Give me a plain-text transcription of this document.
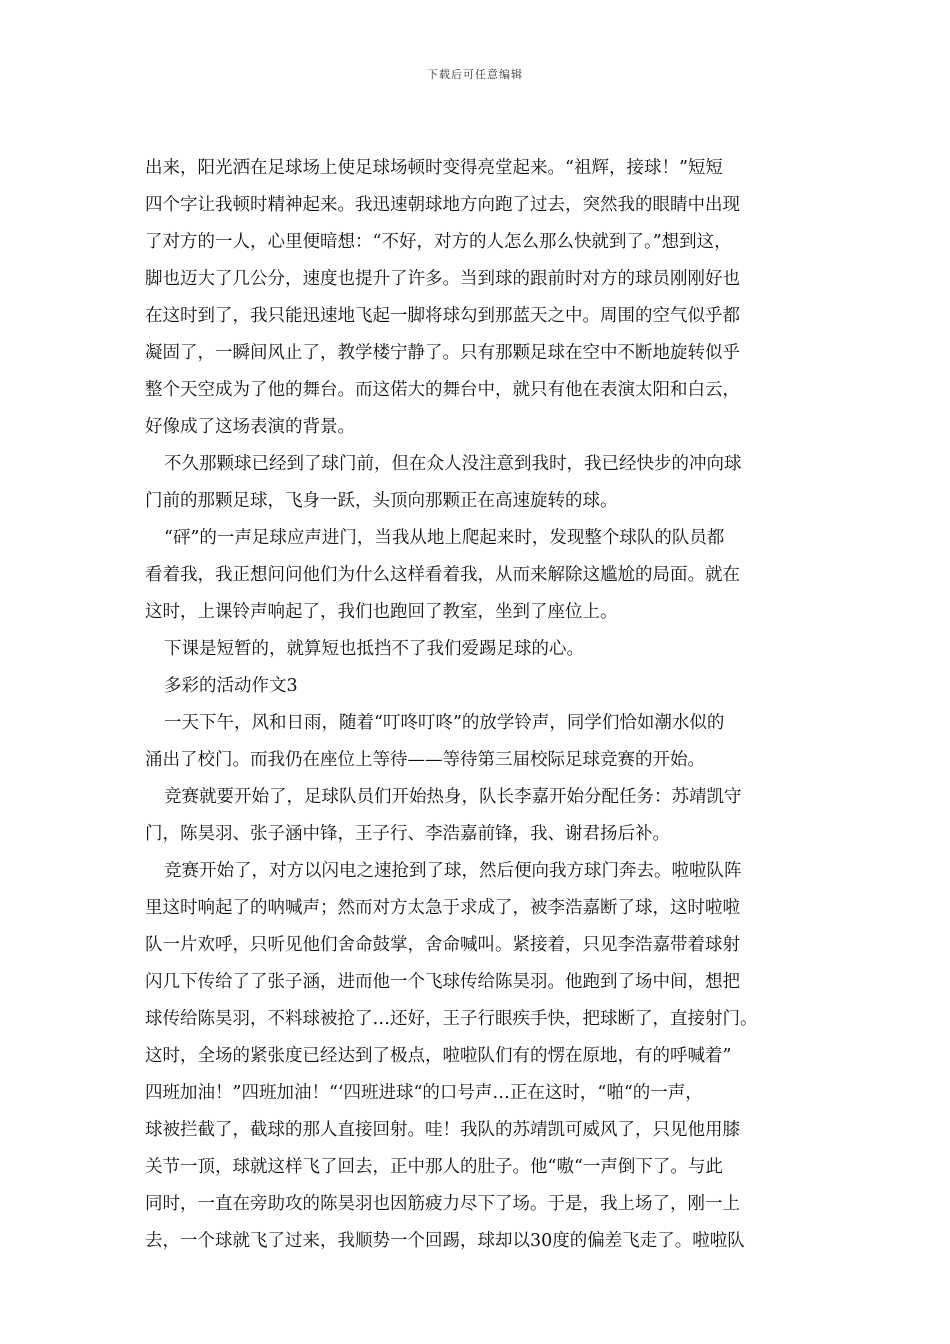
下载后可任意编辑
出来，阳光洒在足球场上使足球场顿时变得亮堂起来。“祖辉，接球！”短短
四个字让我顿时精神起来。我迅速朝球地方向跑了过去，突然我的眼睛中出现
了对方的一人，心里便暗想：“不好，对方的人怎么那么快就到了。”想到这，
脚也迈大了几公分，速度也提升了许多。当到球的跟前时对方的球员刚刚好也
在这时到了，我只能迅速地飞起一脚将球勾到那蓝天之中。周围的空气似乎都
凝固了，一瞬间风止了，教学楼宁静了。只有那颗足球在空中不断地旋转似乎
整个天空成为了他的舞台。而这偌大的舞台中，就只有他在表演太阳和白云，
好像成了这场表演的背景。
不久那颗球已经到了球门前，但在众人没注意到我时，我已经快步的冲向球
门前的那颗足球，飞身一跃，头顶向那颗正在高速旋转的球。
“砰”的一声足球应声进门，当我从地上爬起来时，发现整个球队的队员都
看着我，我正想问问他们为什么这样看着我，从而来解除这尴尬的局面。就在
这时，上课铃声响起了，我们也跑回了教室，坐到了座位上。
下课是短暂的，就算短也抵挡不了我们爱踢足球的心。
多彩的活动作文3
一天下午，风和日雨，随着“叮咚叮咚”的放学铃声，同学们恰如潮水似的
涌出了校门。而我仍在座位上等待——等待第三届校际足球竞赛的开始。
竞赛就要开始了，足球队员们开始热身，队长李嘉开始分配任务：苏靖凯守
门，陈昊羽、张子涵中锋，王子行、李浩嘉前锋，我、谢君扬后补。
竞赛开始了，对方以闪电之速抢到了球，然后便向我方球门奔去。啦啦队阵
里这时响起了的呐喊声；然而对方太急于求成了，被李浩嘉断了球，这时啦啦
队一片欢呼，只听见他们舍命鼓掌，舍命喊叫。紧接着，只见李浩嘉带着球射
闪几下传给了了张子涵，进而他一个飞球传给陈昊羽。他跑到了场中间，想把
球传给陈昊羽，不料球被抢了…还好，王子行眼疾手快，把球断了，直接射门。
这时，全场的紧张度已经达到了极点，啦啦队们有的愣在原地，有的呼喊着”
四班加油！”四班加油！“‘四班进球“的口号声…正在这时，“啪“的一声，
球被拦截了，截球的那人直接回射。哇！我队的苏靖凯可威风了，只见他用膝
关节一顶，球就这样飞了回去，正中那人的肚子。他“嗷“一声倒下了。与此
同时，一直在旁助攻的陈昊羽也因筋疲力尽下了场。于是，我上场了，刚一上
去，一个球就飞了过来，我顺势一个回踢，球却以30度的偏差飞走了。啦啦队
